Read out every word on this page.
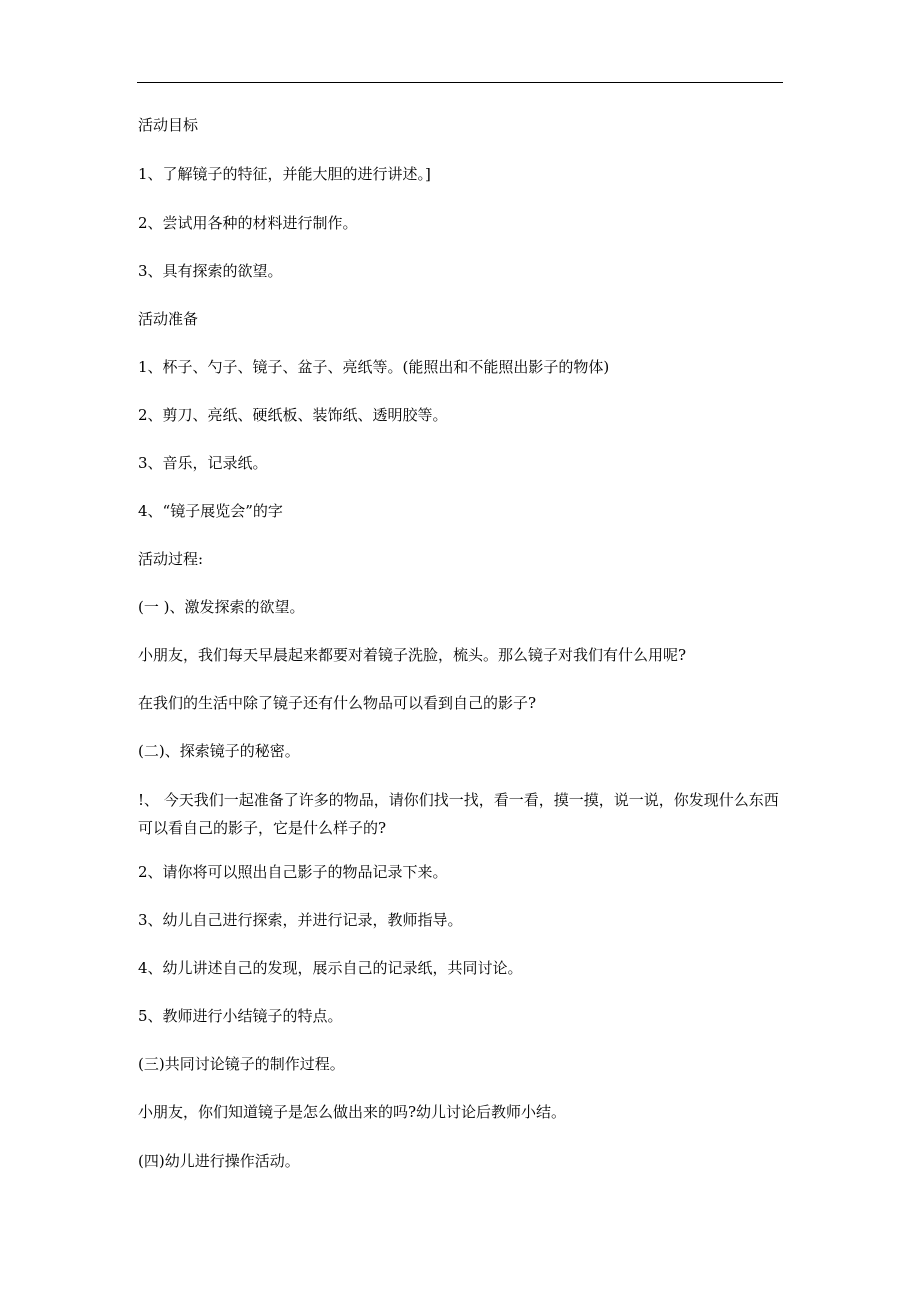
活动目标
1、了解镜子的特征，并能大胆的进行讲述。]
2、尝试用各种的材料进行制作。
3、具有探索的欲望。
活动准备
1、杯子、勺子、镜子、盆子、亮纸等。(能照出和不能照出影子的物体)
2、剪刀、亮纸、硬纸板、装饰纸、透明胶等。
3、音乐，记录纸。
4、“镜子展览会”的字
活动过程:
(一 )、激发探索的欲望。
小朋友，我们每天早晨起来都要对着镜子洗脸，梳头。那么镜子对我们有什么用呢?
在我们的生活中除了镜子还有什么物品可以看到自己的影子?
(二)、探索镜子的秘密。
!、 今天我们一起准备了许多的物品，请你们找一找，看一看，摸一摸，说一说，你发现什么东西可以看自己的影子，它是什么样子的?
2、请你将可以照出自己影子的物品记录下来。
3、幼儿自己进行探索，并进行记录，教师指导。
4、幼儿讲述自己的发现，展示自己的记录纸，共同讨论。
5、教师进行小结镜子的特点。
(三)共同讨论镜子的制作过程。
小朋友，你们知道镜子是怎么做出来的吗?幼儿讨论后教师小结。
(四)幼儿进行操作活动。
